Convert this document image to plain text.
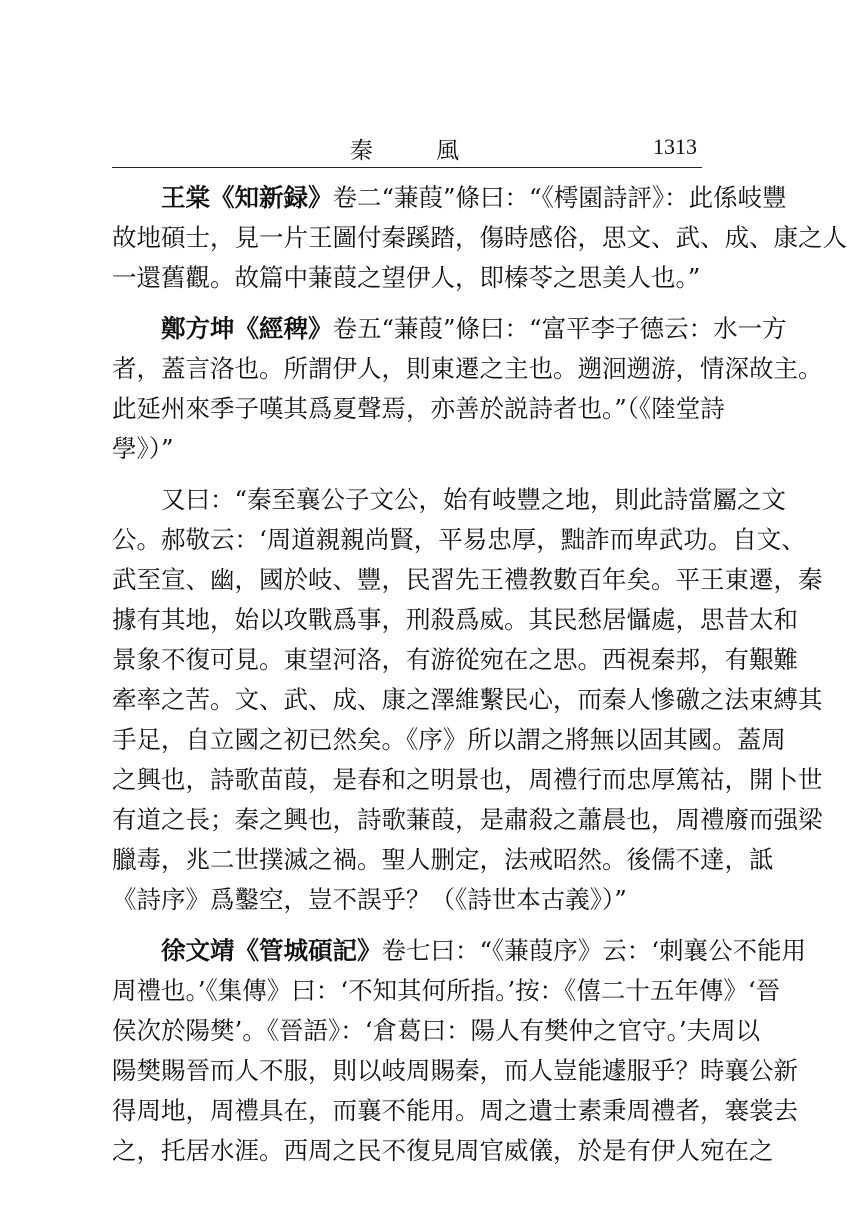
秦 風	1313
王棠《知新録》卷二“蒹葭”條曰：“《樗園詩評》：此係岐豐
故地碩士，見一片王圖付秦蹊踏，傷時感俗，思文、武、成、康之人
一還舊觀。故篇中蒹葭之望伊人，即榛苓之思美人也。”
鄭方坤《經稗》卷五“蒹葭”條曰：“富平李子德云：水一方
者，蓋言洛也。所謂伊人，則東遷之主也。遡洄遡游，情深故主。
此延州來季子嘆其爲夏聲焉，亦善於説詩者也。”（《陸堂詩
學》）”
又曰：“秦至襄公子文公，始有岐豐之地，則此詩當屬之文
公。郝敬云：‘周道親親尚賢，平易忠厚，黜詐而卑武功。自文、
武至宣、幽，國於岐、豐，民習先王禮教數百年矣。平王東遷，秦
據有其地，始以攻戰爲事，刑殺爲威。其民愁居懾處，思昔太和
景象不復可見。東望河洛，有游從宛在之思。西視秦邦，有艱難
牽率之苦。文、武、成、康之澤維繫民心，而秦人慘礉之法束縛其
手足，自立國之初已然矣。《序》所以謂之將無以固其國。蓋周
之興也，詩歌苗葭，是春和之明景也，周禮行而忠厚篤祜，開卜世
有道之長；秦之興也，詩歌蒹葭，是肅殺之蕭晨也，周禮廢而强梁
臘毒，兆二世撲滅之禍。聖人删定，法戒昭然。後儒不達，詆
《詩序》爲鑿空，豈不誤乎？（《詩世本古義》）”
徐文靖《管城碩記》卷七曰：“《蒹葭序》云：‘刺襄公不能用
周禮也。’《集傳》曰：‘不知其何所指。’按：《僖二十五年傳》‘晉
侯次於陽樊’。《晉語》：‘倉葛曰：陽人有樊仲之官守。’夫周以
陽樊賜晉而人不服，則以岐周賜秦，而人豈能遽服乎？時襄公新
得周地，周禮具在，而襄不能用。周之遺士素秉周禮者，褰裳去
之，托居水涯。西周之民不復見周官威儀，於是有伊人宛在之
